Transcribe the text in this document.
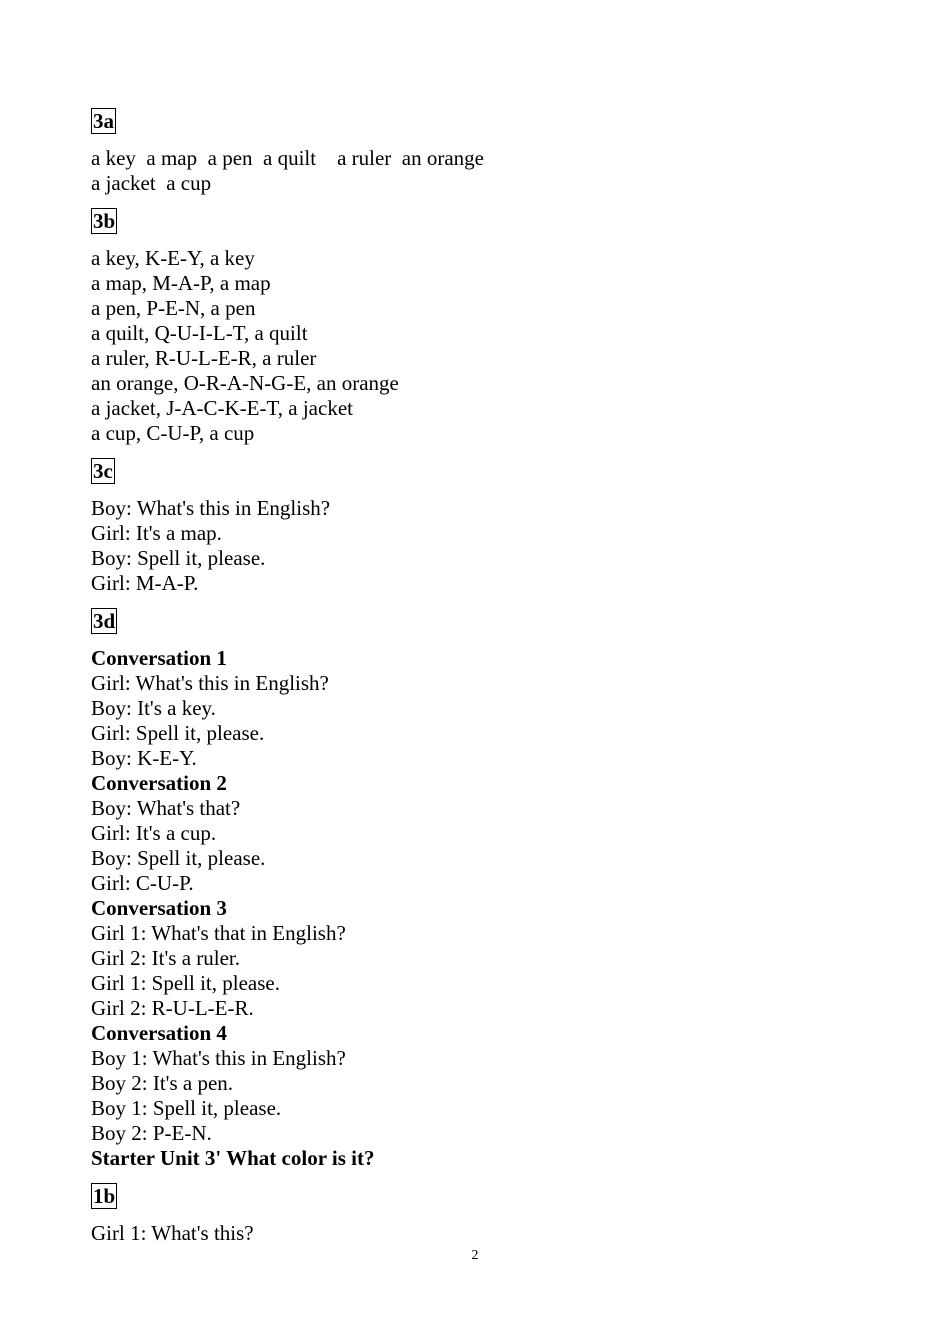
3a
a key  a map  a pen  a quilt    a ruler  an orange
a jacket  a cup
3b
a key, K-E-Y, a key
a map, M-A-P, a map
a pen, P-E-N, a pen
a quilt, Q-U-I-L-T, a quilt
a ruler, R-U-L-E-R, a ruler
an orange, O-R-A-N-G-E, an orange
a jacket, J-A-C-K-E-T, a jacket
a cup, C-U-P, a cup
3c
Boy: What's this in English?
Girl: It's a map.
Boy: Spell it, please.
Girl: M-A-P.
3d
Conversation 1
Girl: What's this in English?
Boy: It's a key.
Girl: Spell it, please.
Boy: K-E-Y.
Conversation 2
Boy: What's that?
Girl: It's a cup.
Boy: Spell it, please.
Girl: C-U-P.
Conversation 3
Girl 1: What's that in English?
Girl 2: It's a ruler.
Girl 1: Spell it, please.
Girl 2: R-U-L-E-R.
Conversation 4
Boy 1: What's this in English?
Boy 2: It's a pen.
Boy 1: Spell it, please.
Boy 2: P-E-N.
Starter Unit 3' What color is it?
1b
Girl 1: What's this?
2
